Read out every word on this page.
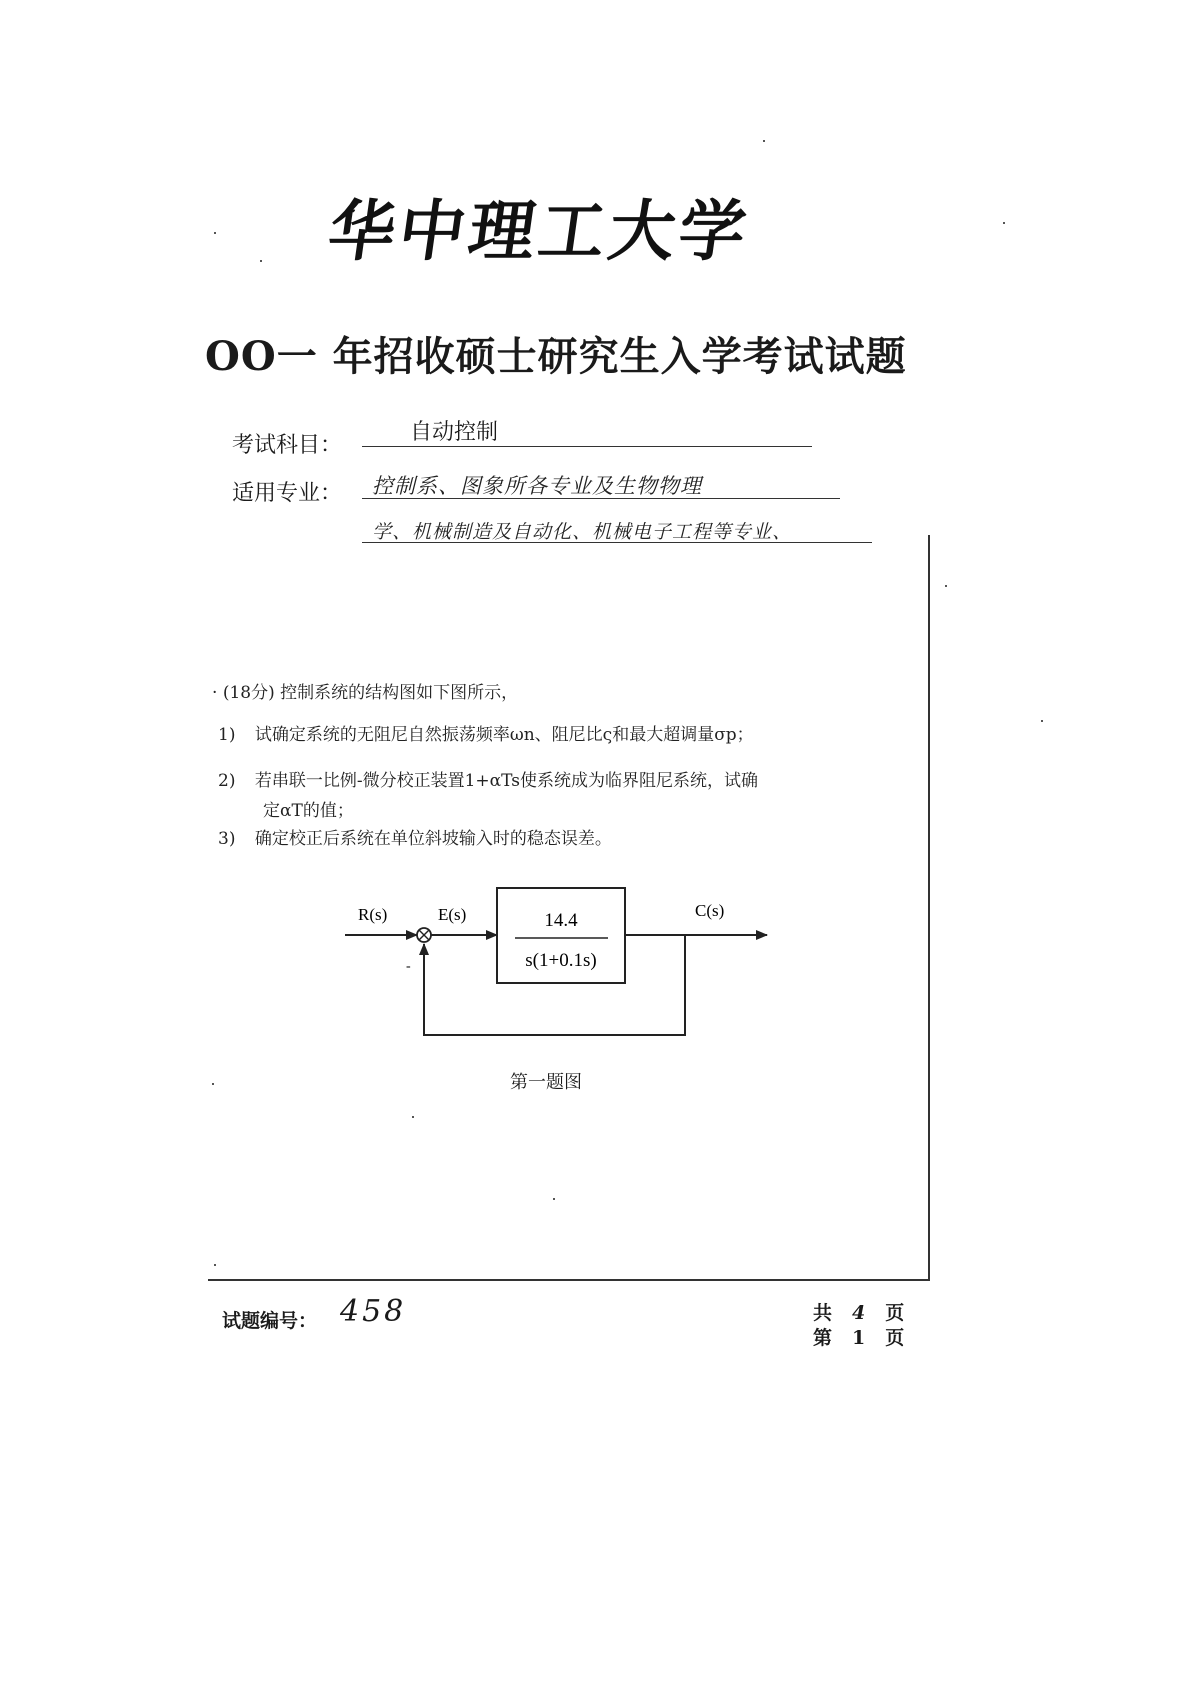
华中理工大学
OO一 年招收硕士研究生入学考试试题
考试科目：
自动控制
适用专业： 控制系、图象所各专业及生物物理
学、机械制造及自动化、机械电子工程等专业、
· (18分) 控制系统的结构图如下图所示，
1) 试确定系统的无阻尼自然振荡频率ωn、阻尼比ς和最大超调量σp；
2) 若串联一比例-微分校正装置1+αTs使系统成为临界阻尼系统，试确
定αT的值；
3) 确定校正后系统在单位斜坡输入时的稳态误差。
14.4
s(1+0.1s)
R(s)	E(s)	C(s)
-
第一题图
试题编号： 458	共 4 页
第 1 页
